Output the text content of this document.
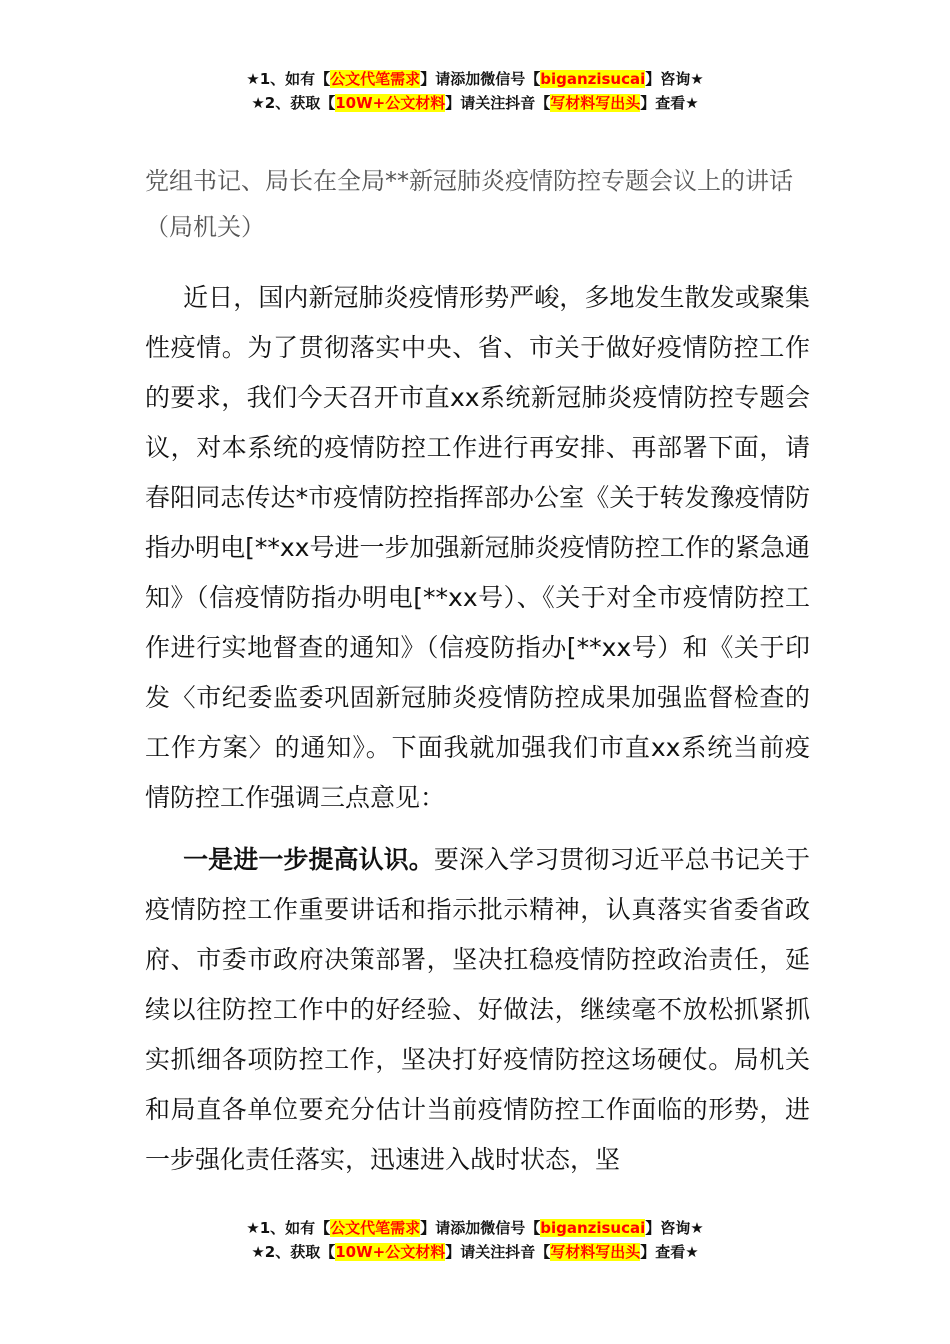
★1、如有【公文代笔需求】请添加微信号【biganzisucai】咨询★
★2、获取【10W+公文材料】请关注抖音【写材料写出头】查看★
党组书记、局长在全局**新冠肺炎疫情防控专题会议上的讲话（局机关）

近日，国内新冠肺炎疫情形势严峻，多地发生散发或聚集性疫情。为了贯彻落实中央、省、市关于做好疫情防控工作的要求，我们今天召开市直xx系统新冠肺炎疫情防控专题会议，对本系统的疫情防控工作进行再安排、再部署下面，请春阳同志传达*市疫情防控指挥部办公室《关于转发豫疫情防指办明电[**xx号进一步加强新冠肺炎疫情防控工作的紧急通知》（信疫情防指办明电[**xx号）、《关于对全市疫情防控工作进行实地督查的通知》（信疫防指办[**xx号）和《关于印发〈市纪委监委巩固新冠肺炎疫情防控成果加强监督检查的工作方案〉的通知》。下面我就加强我们市直xx系统当前疫情防控工作强调三点意见：

一是进一步提高认识。要深入学习贯彻习近平总书记关于疫情防控工作重要讲话和指示批示精神，认真落实省委省政府、市委市政府决策部署，坚决扛稳疫情防控政治责任，延续以往防控工作中的好经验、好做法，继续毫不放松抓紧抓实抓细各项防控工作，坚决打好疫情防控这场硬仗。局机关和局直各单位要充分估计当前疫情防控工作面临的形势，进一步强化责任落实，迅速进入战时状态，坚

★1、如有【公文代笔需求】请添加微信号【biganzisucai】咨询★
★2、获取【10W+公文材料】请关注抖音【写材料写出头】查看★
